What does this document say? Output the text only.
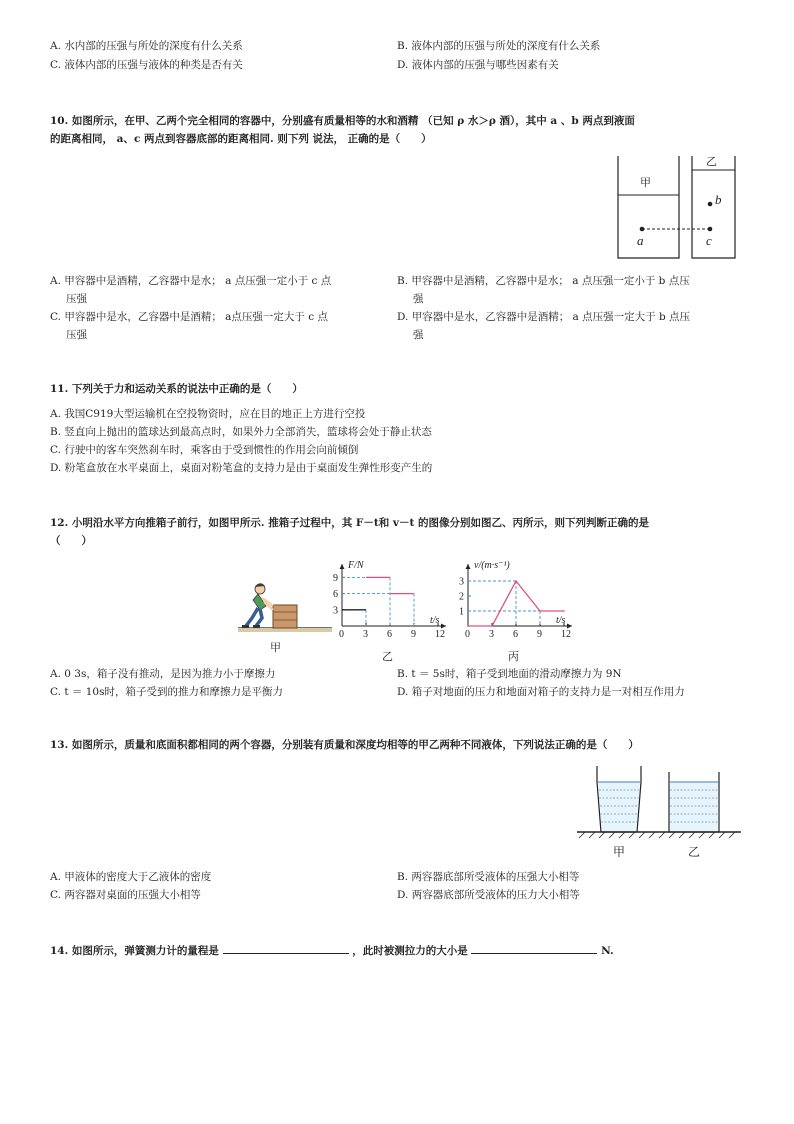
A. 水内部的压强与所处的深度有什么关系	B. 液体内部的压强与所处的深度有什么关系
C. 液体内部的压强与液体的种类是否有关	D. 液体内部的压强与哪些因素有关
10. 如图所示，在甲、乙两个完全相同的容器中，分别盛有质量相等的水和酒精 （已知 ρ 水＞ρ 酒），其中 a 、b 两点到液面
的距离相同， a、c 两点到容器底部的距离相同. 则下列 说法， 正确的是（　　）
甲
乙
a	c
b
A. 甲容器中是酒精，乙容器中是水； a 点压强一定小于 c 点
压强
B. 甲容器中是酒精，乙容器中是水； a 点压强一定小于 b 点压
强
C. 甲容器中是水，乙容器中是酒精； a点压强一定大于 c 点
压强
D. 甲容器中是水，乙容器中是酒精； a 点压强一定大于 b 点压
强
11. 下列关于力和运动关系的说法中正确的是（　　）
A. 我国C919大型运输机在空投物资时，应在目的地正上方进行空投
B. 竖直向上抛出的篮球达到最高点时，如果外力全部消失，篮球将会处于静止状态
C. 行驶中的客车突然刹车时，乘客由于受到惯性的作用会向前倾倒
D. 粉笔盒放在水平桌面上，桌面对粉笔盒的支持力是由于桌面发生弹性形变产生的
12. 小明沿水平方向推箱子前行，如图甲所示. 推箱子过程中，其 F－t和 v－t 的图像分别如图乙、丙所示，则下列判断正确的是
（　　）
甲
F/N
t/s
0 3 6 9 12
3
6
9
乙
v/(m·s⁻¹)
t/s
0 3 6 9 12
1
2
3
丙
A. 0 3s，箱子没有推动，是因为推力小于摩擦力	B. t ＝ 5s时，箱子受到地面的滑动摩擦力为 9N
C. t ＝ 10s时，箱子受到的推力和摩擦力是平衡力	D. 箱子对地面的压力和地面对箱子的支持力是一对相互作用力
13. 如图所示，质量和底面积都相同的两个容器，分别装有质量和深度均相等的甲乙两种不同液体，下列说法正确的是（　　）
甲	乙
A. 甲液体的密度大于乙液体的密度	B. 两容器底部所受液体的压强大小相等
C. 两容器对桌面的压强大小相等	D. 两容器底部所受液体的压力大小相等
14. 如图所示，弹簧测力计的量程是	，此时被测拉力的大小是	N.
